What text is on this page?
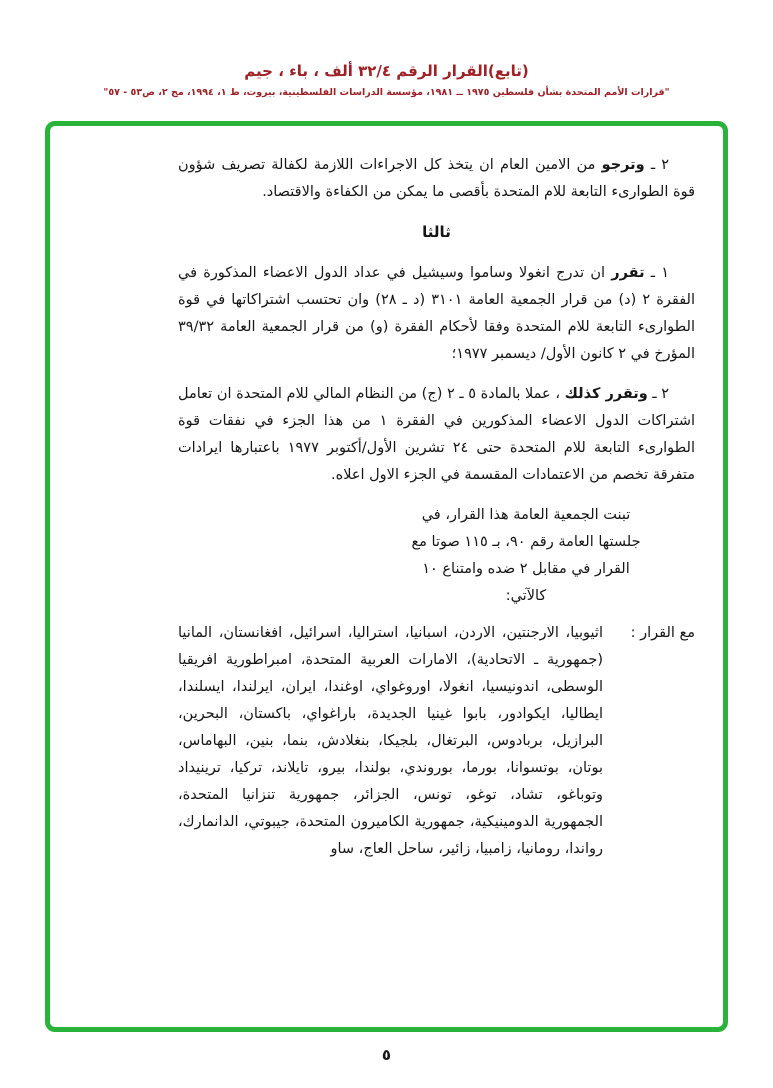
(تابع)القرار الرقم ٣٢/٤ ألف ، باء ، جيم
"قرارات الأمم المتحدة بشأن فلسطين ١٩٧٥ ــ ١٩٨١، مؤسسة الدراسات الفلسطينية، بيروت، ط ١، ١٩٩٤، مج ٢، ص٥٣ - ٥٧"

٢ ـ وترجو من الامين العام ان يتخذ كل الاجراءات اللازمة لكفالة تصريف شؤون قوة الطوارىء التابعة للام المتحدة بأقصى ما يمكن من الكفاءة والاقتصاد.

ثالثا

١ ـ تقرر ان تدرج انغولا وساموا وسيشيل في عداد الدول الاعضاء المذكورة في الفقرة ٢ (د) من قرار الجمعية العامة ٣١٠١ (د ـ ٢٨) وان تحتسب اشتراكاتها في قوة الطوارىء التابعة للام المتحدة وفقا لأحكام الفقرة (و) من قرار الجمعية العامة ٣٩/٣٢ المؤرخ في ٢ كانون الأول/ ديسمبر ١٩٧٧؛

٢ ـ وتقرر كذلك ، عملا بالمادة ٥ ـ ٢ (ج) من النظام المالي للام المتحدة ان تعامل اشتراكات الدول الاعضاء المذكورين في الفقرة ١ من هذا الجزء في نفقات قوة الطوارىء التابعة للام المتحدة حتى ٢٤ تشرين الأول/أكتوبر ١٩٧٧ باعتبارها ايرادات متفرقة تخصم من الاعتمادات المقسمة في الجزء الاول اعلاه.

تبنت الجمعية العامة هذا القرار، في جلستها العامة رقم ٩٠، بـ ١١٥ صوتا مع القرار في مقابل ٢ ضده وامتناع ١٠ كالآتي:
مع القرار :
اثيوبيا، الارجنتين، الاردن، اسبانيا، استراليا، اسرائيل، افغانستان، المانيا (جمهورية ـ الاتحادية)، الامارات العربية المتحدة، امبراطورية افريقيا الوسطى، اندونيسيا، انغولا، اوروغواي، اوغندا، ايران، ايرلندا، ايسلندا، ايطاليا، ايكوادور، بابوا غينيا الجديدة، باراغواي، باكستان، البحرين، البرازيل، بربادوس، البرتغال، بلجيكا، بنغلادش، بنما، بنين، البهاماس، بوتان، بوتسوانا، بورما، بوروندي، بولندا، بيرو، تايلاند، تركيا، ترينيداد وتوباغو، تشاد، توغو، تونس، الجزائر، جمهورية تنزانيا المتحدة، الجمهورية الدومينيكية، جمهورية الكاميرون المتحدة، جيبوتي، الدانمارك، رواندا، رومانيا، زامبيا، زائير، ساحل العاج، ساو
٥
